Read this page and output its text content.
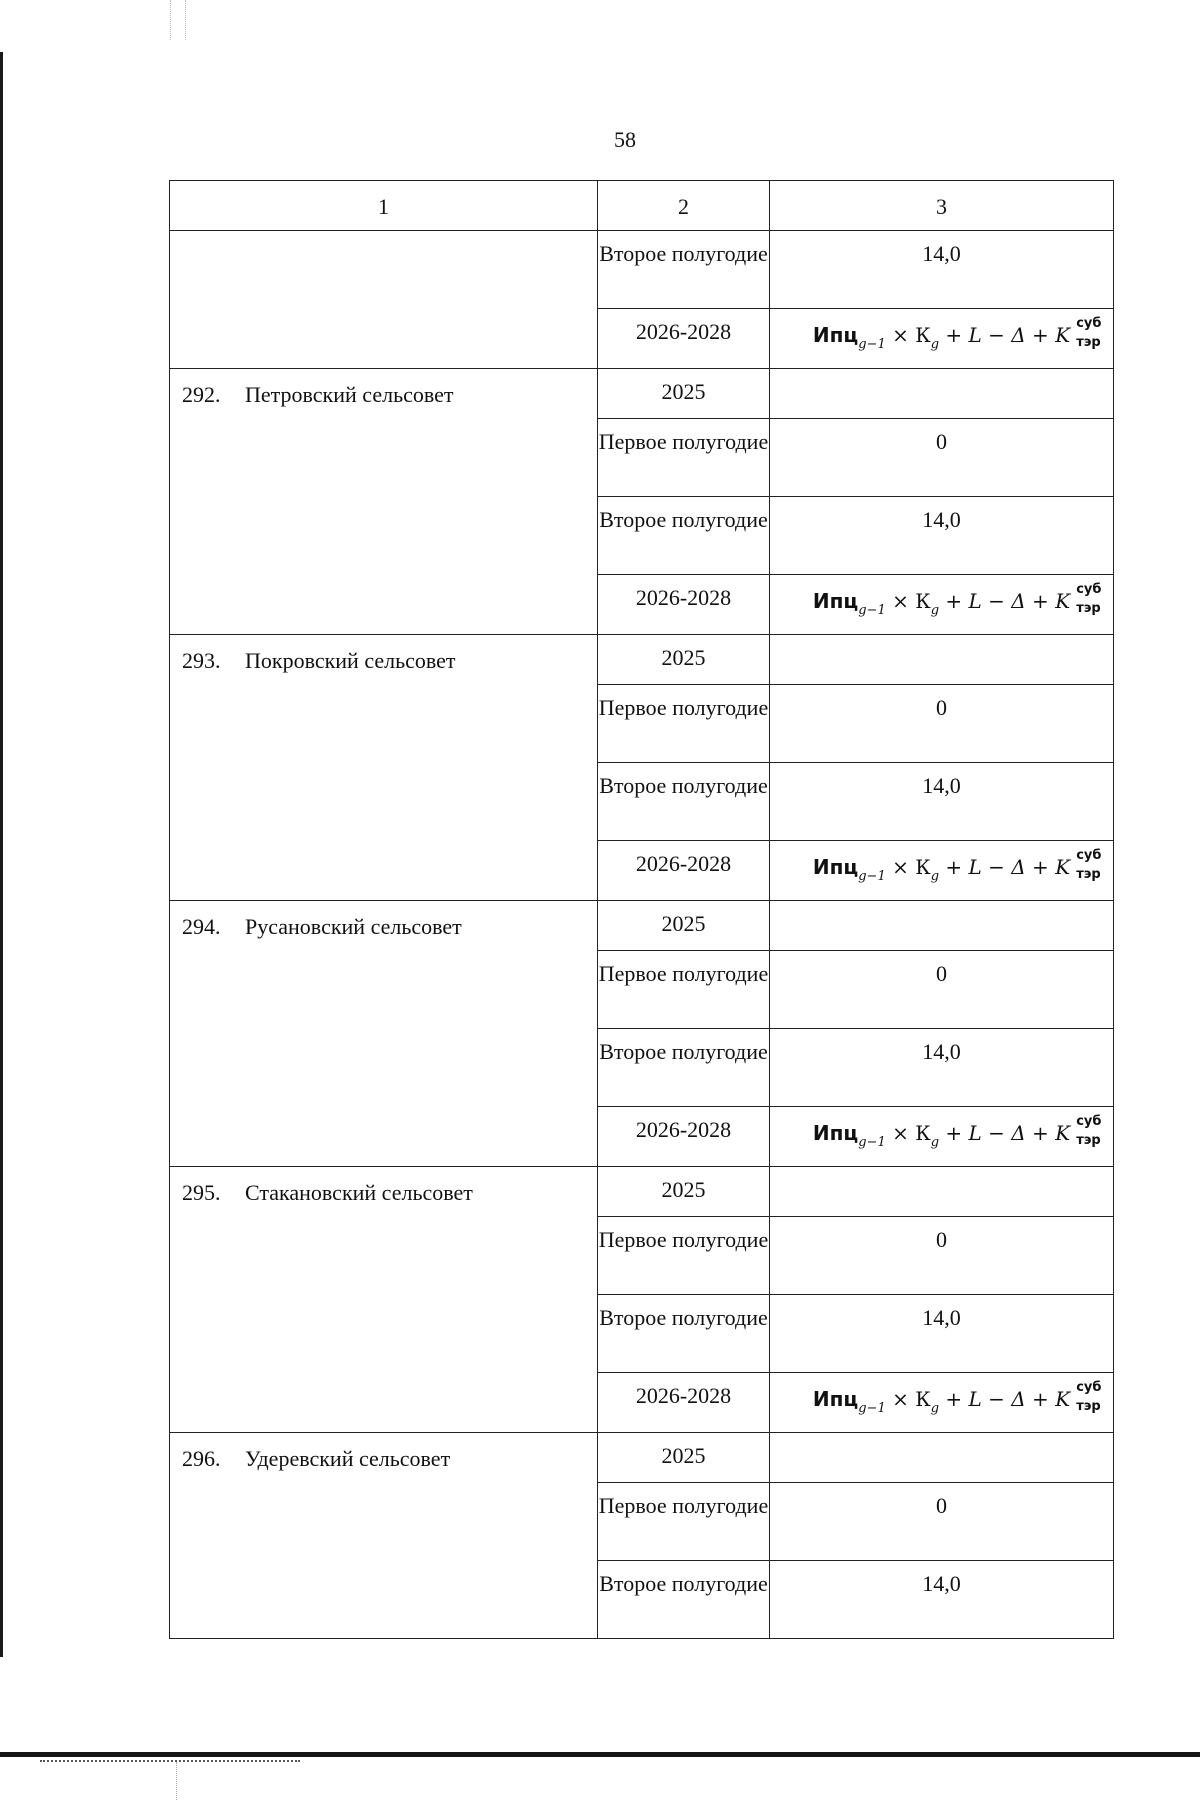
58
1	2	3

	Второе полугодие	14,0

	2026-2028	$Ипц_{g-1} \times К_g + L - \Delta + K$ суб
тэр

292. Петровский сельсовет	2025	

	Первое полугодие	0

	Второе полугодие	14,0

	2026-2028	$Ипц_{g-1} \times К_g + L - \Delta + K$ суб
тэр

293. Покровский сельсовет	2025	

	Первое полугодие	0

	Второе полугодие	14,0

	2026-2028	$Ипц_{g-1} \times К_g + L - \Delta + K$ суб
тэр

294. Русановский сельсовет	2025	

	Первое полугодие	0

	Второе полугодие	14,0

	2026-2028	$Ипц_{g-1} \times К_g + L - \Delta + K$ суб
тэр

295. Стакановский сельсовет	2025	

	Первое полугодие	0

	Второе полугодие	14,0

	2026-2028	$Ипц_{g-1} \times К_g + L - \Delta + K$ суб
тэр

296. Удеревский сельсовет	2025	

	Первое полугодие	0

	Второе полугодие	14,0
